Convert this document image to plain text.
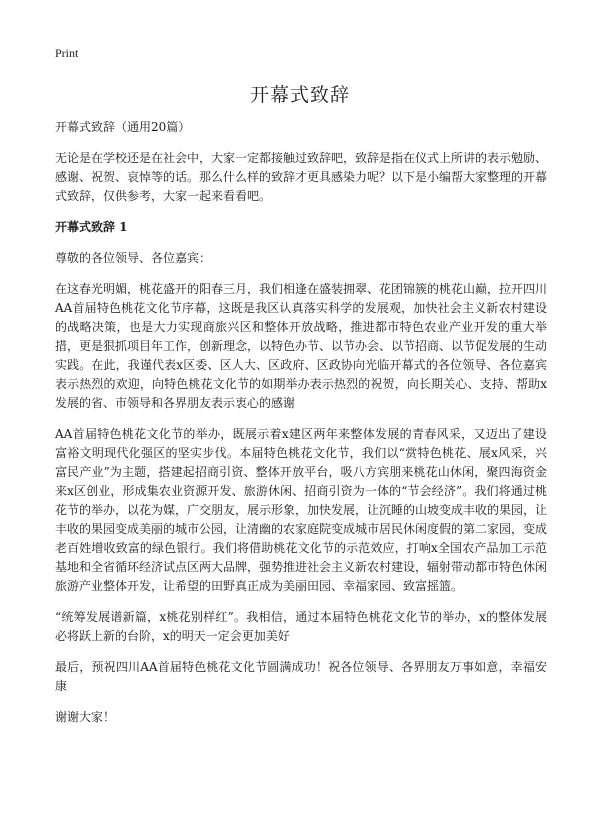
Print
开幕式致辞

开幕式致辞（通用20篇）

无论是在学校还是在社会中，大家一定都接触过致辞吧，致辞是指在仪式上所讲的表示勉励、感谢、祝贺、哀悼等的话。那么什么样的致辞才更具感染力呢？以下是小编帮大家整理的开幕式致辞，仅供参考，大家一起来看看吧。

开幕式致辞 1

尊敬的各位领导、各位嘉宾：

在这春光明媚，桃花盛开的阳春三月，我们相逢在盛装拥翠、花团锦簇的桃花山巅，拉开四川AA首届特色桃花文化节序幕，这既是我区认真落实科学的发展观，加快社会主义新农村建设的战略决策，也是大力实现商旅兴区和整体开放战略，推进都市特色农业产业开发的重大举措，更是狠抓项目年工作，创新理念，以特色办节、以节办会、以节招商、以节促发展的生动实践。在此，我谨代表x区委、区人大、区政府、区政协向光临开幕式的各位领导、各位嘉宾表示热烈的欢迎，向特色桃花文化节的如期举办表示热烈的祝贺，向长期关心、支持、帮助x发展的省、市领导和各界朋友表示衷心的感谢

AA首届特色桃花文化节的举办，既展示着x建区两年来整体发展的青春风采，又迈出了建设富裕文明现代化强区的坚实步伐。本届特色桃花文化节，我们以“赏特色桃花、展x风采，兴富民产业”为主题，搭建起招商引资、整体开放平台，吸八方宾朋来桃花山休闲，聚四海资金来x区创业，形成集农业资源开发、旅游休闲、招商引资为一体的“节会经济”。我们将通过桃花节的举办，以花为媒，广交朋友，展示形象，加快发展，让沉睡的山坡变成丰收的果园，让丰收的果园变成美丽的城市公园，让清幽的农家庭院变成城市居民休闲度假的第二家园，变成老百姓增收致富的绿色银行。我们将借助桃花文化节的示范效应，打响x全国农产品加工示范基地和全省循环经济试点区两大品牌，强势推进社会主义新农村建设，辐射带动都市特色休闲旅游产业整体开发，让希望的田野真正成为美丽田园、幸福家园、致富摇篮。

“统筹发展谱新篇，x桃花别样红”。我相信，通过本届特色桃花文化节的举办，x的整体发展必将跃上新的台阶，x的明天一定会更加美好

最后，预祝四川AA首届特色桃花文化节圆满成功！祝各位领导、各界朋友万事如意，幸福安康

谢谢大家！
